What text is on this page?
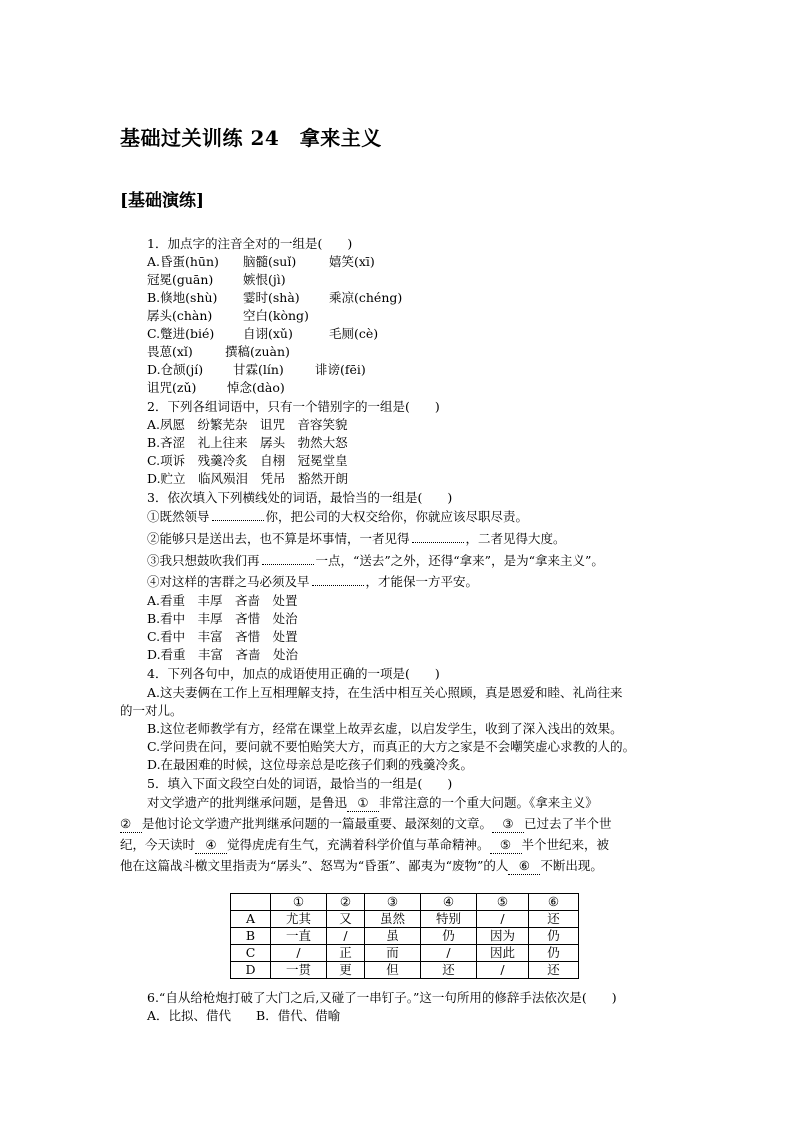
基础过关训练 24　拿来主义
[基础演练]
1．加点字的注音全对的一组是(　　)
A.昏蛋(hūn) 脑髓(suǐ)	嬉笑(xī)
冠冕(guān) 嫉恨(jì)
B.倏地(shù) 霎时(shà) 乘凉(chéng)
孱头(chàn) 空白(kòng)
C.蹩进(bié) 自诩(xǔ)	毛厕(cè)
畏葸(xǐ)	撰稿(zuàn)
D.仓颉(jí) 甘霖(lín) 诽谤(fēi)
诅咒(zǔ) 悼念(dào)
2．下列各组词语中，只有一个错别字的一组是(　　)
A.夙愿　纷繁芜杂　诅咒　音容笑貌
B.吝涩　礼上往来　孱头　勃然大怒
C.项诉　残羹冷炙　自栩　冠冕堂皇
D.贮立　临风殒泪　凭吊　豁然开朗
3．依次填入下列横线处的词语，最恰当的一组是(　　)
①既然领导	你，把公司的大权交给你，你就应该尽职尽责。
②能够只是送出去，也不算是坏事情，一者见得	，二者见得大度。
③我只想鼓吹我们再	一点，“送去”之外，还得“拿来”，是为“拿来主义”。
④对这样的害群之马必须及早	，才能保一方平安。
A.看重　丰厚　吝啬　处置
B.看中　丰厚　吝惜　处治
C.看中　丰富　吝惜　处置
D.看重　丰富　吝啬　处治
4．下列各句中，加点的成语使用正确的一项是(　　)
A.这夫妻俩在工作上互相理解支持，在生活中相互关心照顾，真是恩爱和睦、礼尚往来
的一对儿。
B.这位老师教学有方，经常在课堂上故弄玄虚，以启发学生，收到了深入浅出的效果。
C.学问贵在问，要问就不要怕贻笑大方，而真正的大方之家是不会嘲笑虚心求教的人的。
D.在最困难的时候，这位母亲总是吃孩子们剩的残羹冷炙。
5．填入下面文段空白处的词语，最恰当的一组是(　　)
对文学遗产的批判继承问题，是鲁迅 ① 非常注意的一个重大问题。《拿来主义》
② 是他讨论文学遗产批判继承问题的一篇最重要、最深刻的文章。 ③ 已过去了半个世
纪，今天读时 ④ 觉得虎虎有生气，充满着科学价值与革命精神。 ⑤ 半个世纪来，被
他在这篇战斗檄文里指责为“孱头”、怒骂为“昏蛋”、鄙夷为“废物”的人 ⑥ 不断出现。
	①	②	③	④	⑤	⑥
A	尤其	又	虽然	特别	/	还
B	一直	/	虽	仍	因为	仍
C	/	正	而	/	因此	仍
D	一贯	更	但	还	/	还
6.“自从给枪炮打破了大门之后,又碰了一串钉子。”这一句所用的修辞手法依次是(　　)
A．比拟、借代　　B．借代、借喻
